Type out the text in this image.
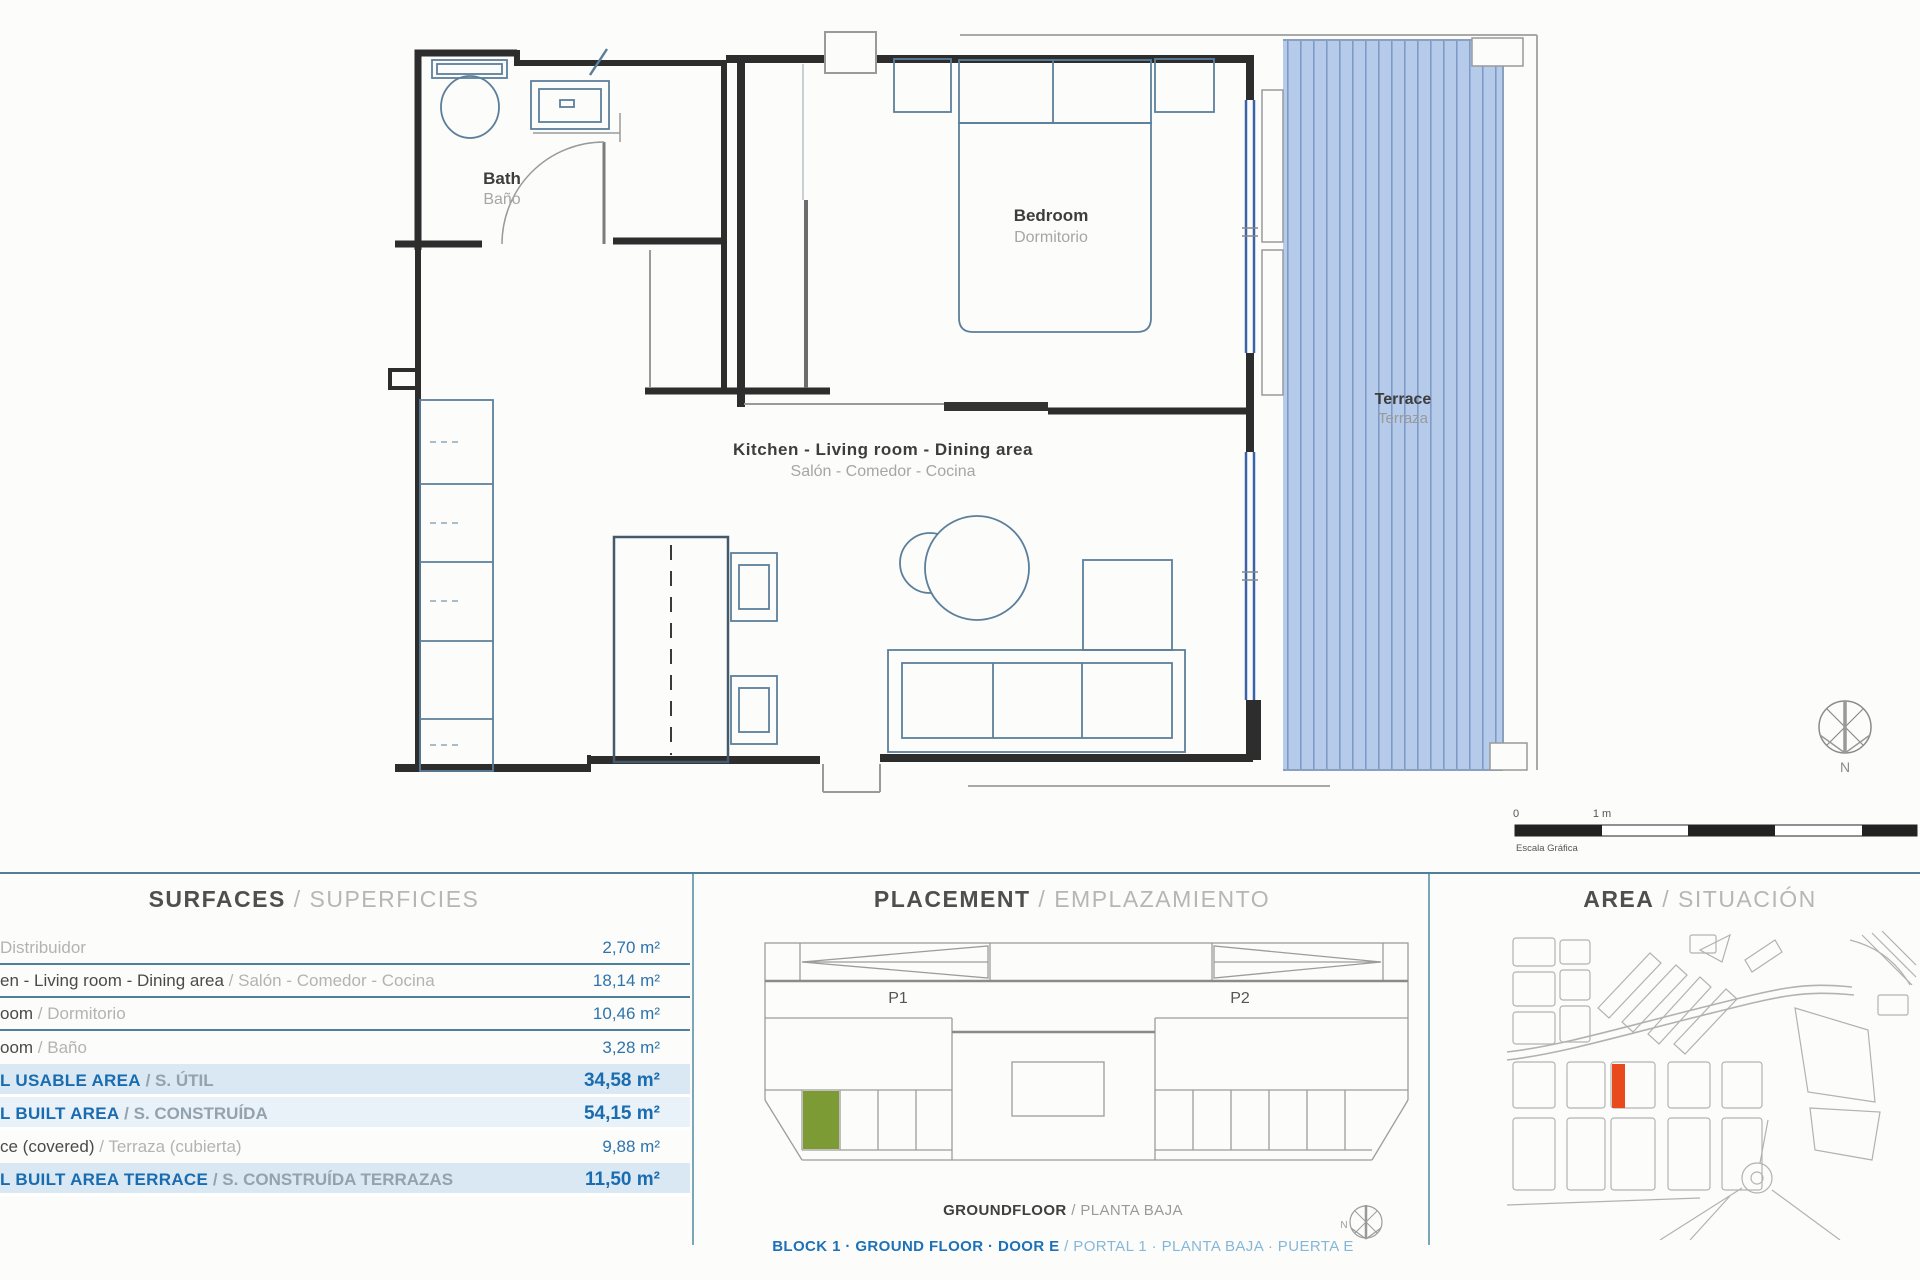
Bath
Baño
Bedroom
Dormitorio
Kitchen - Living room - Dining area
Salón - Comedor - Cocina
Terrace
Terraza
N
0	1 m
Escala Gráfica
P1	P2
N
SURFACES / SUPERFICIES
Distribuidor	2,70 m²
en - Living room - Dining area / Salón - Comedor - Cocina	18,14 m²
oom / Dormitorio	10,46 m²
oom / Baño	3,28 m²
L USABLE AREA / S. ÚTIL	34,58 m²
L BUILT AREA / S. CONSTRUÍDA	54,15 m²
ce (covered) / Terraza (cubierta)	9,88 m²
L BUILT AREA TERRACE / S. CONSTRUÍDA TERRAZAS	11,50 m²
PLACEMENT / EMPLAZAMIENTO
GROUNDFLOOR / PLANTA BAJA
BLOCK 1 · GROUND FLOOR · DOOR E / PORTAL 1 · PLANTA BAJA · PUERTA E
AREA / SITUACIÓN
